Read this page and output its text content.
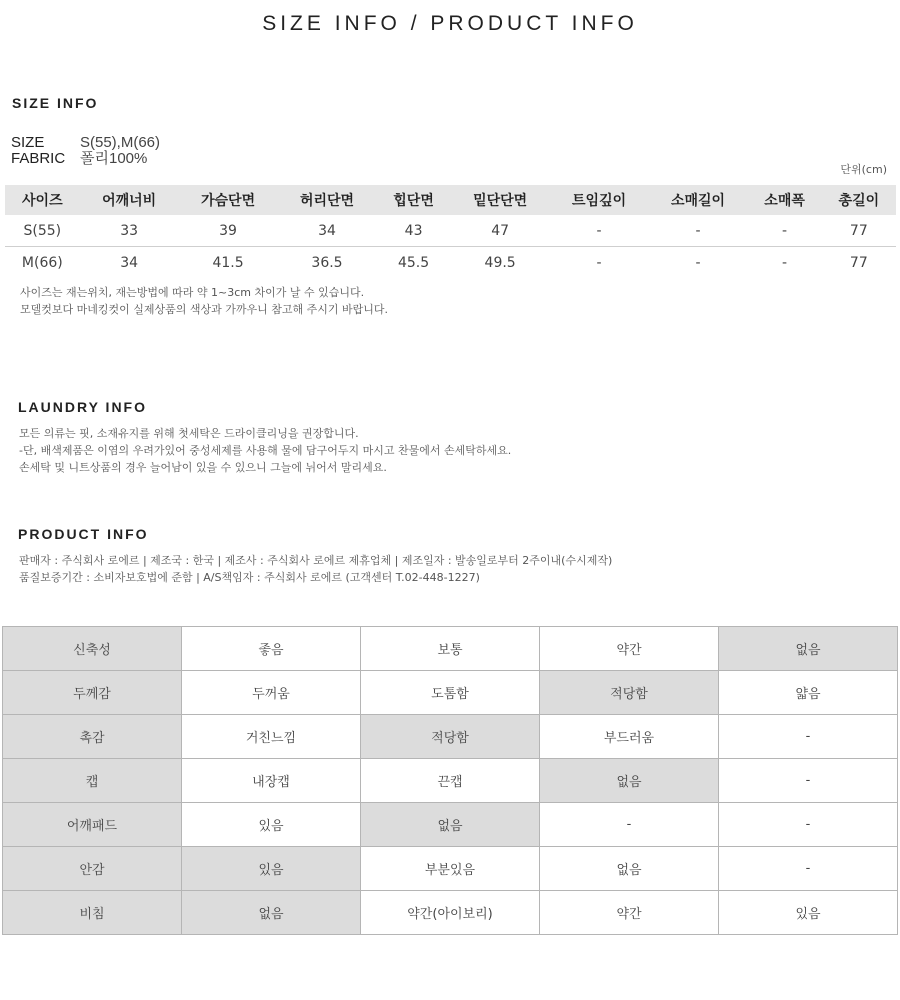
SIZE INFO / PRODUCT INFO
SIZE INFO
SIZE S(55),M(66)
FABRIC 폴리100%
단위(cm)
사이즈	어깨너비	가슴단면	허리단면	힙단면	밑단단면	트임깊이	소매길이	소매폭	총길이
S(55)	33	39	34	43	47	-	-	-	77
M(66)	34	41.5	36.5	45.5	49.5	-	-	-	77
사이즈는 재는위치, 재는방법에 따라 약 1~3cm 차이가 날 수 있습니다.
모델컷보다 마네킹컷이 실제상품의 색상과 가까우니 참고해 주시기 바랍니다.
LAUNDRY INFO
모든 의류는 핏, 소재유지를 위해 첫세탁은 드라이클리닝을 권장합니다.
-단, 배색제품은 이염의 우려가있어 중성세제를 사용해 물에 담구어두지 마시고 찬물에서 손세탁하세요.
손세탁 및 니트상품의 경우 늘어남이 있을 수 있으니 그늘에 뉘어서 말리세요.
PRODUCT INFO
판매자 : 주식회사 로에르 | 제조국 : 한국 | 제조사 : 주식회사 로에르 제휴업체 | 제조일자 : 발송일로부터 2주이내(수시제작)
품질보증기간 : 소비자보호법에 준함 | A/S책임자 : 주식회사 로에르 (고객센터 T.02-448-1227)
신축성	좋음	보통	약간	없음
두께감	두꺼움	도톰함	적당함	얇음
촉감	거친느낌	적당함	부드러움	-
캡	내장캡	끈캡	없음	-
어깨패드	있음	없음	-	-
안감	있음	부분있음	없음	-
비침	없음	약간(아이보리)	약간	있음
